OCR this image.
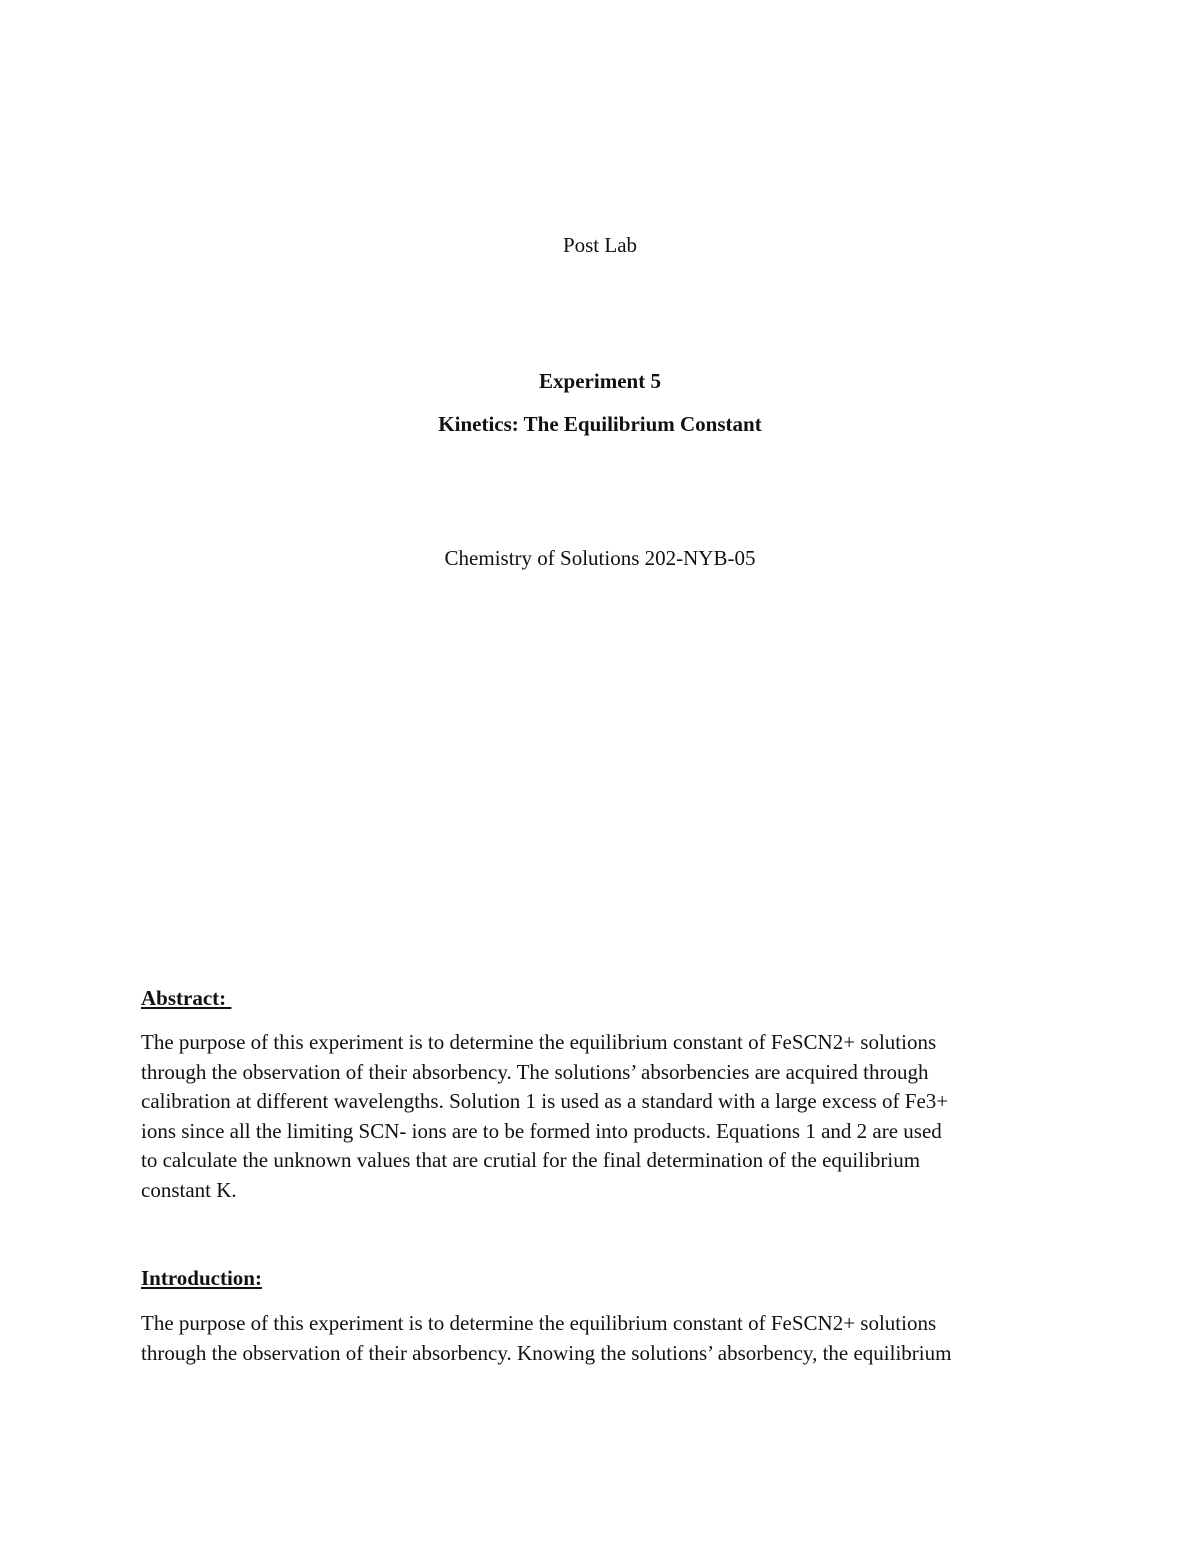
Post Lab
Experiment 5
Kinetics: The Equilibrium Constant
Chemistry of Solutions 202-NYB-05
Abstract:
The purpose of this experiment is to determine the equilibrium constant of FeSCN2+ solutions
through the observation of their absorbency. The solutions’ absorbencies are acquired through
calibration at different wavelengths. Solution 1 is used as a standard with a large excess of Fe3+
ions since all the limiting SCN- ions are to be formed into products. Equations 1 and 2 are used
to calculate the unknown values that are crutial for the final determination of the equilibrium
constant K.
Introduction:
The purpose of this experiment is to determine the equilibrium constant of FeSCN2+ solutions
through the observation of their absorbency. Knowing the solutions’ absorbency, the equilibrium
